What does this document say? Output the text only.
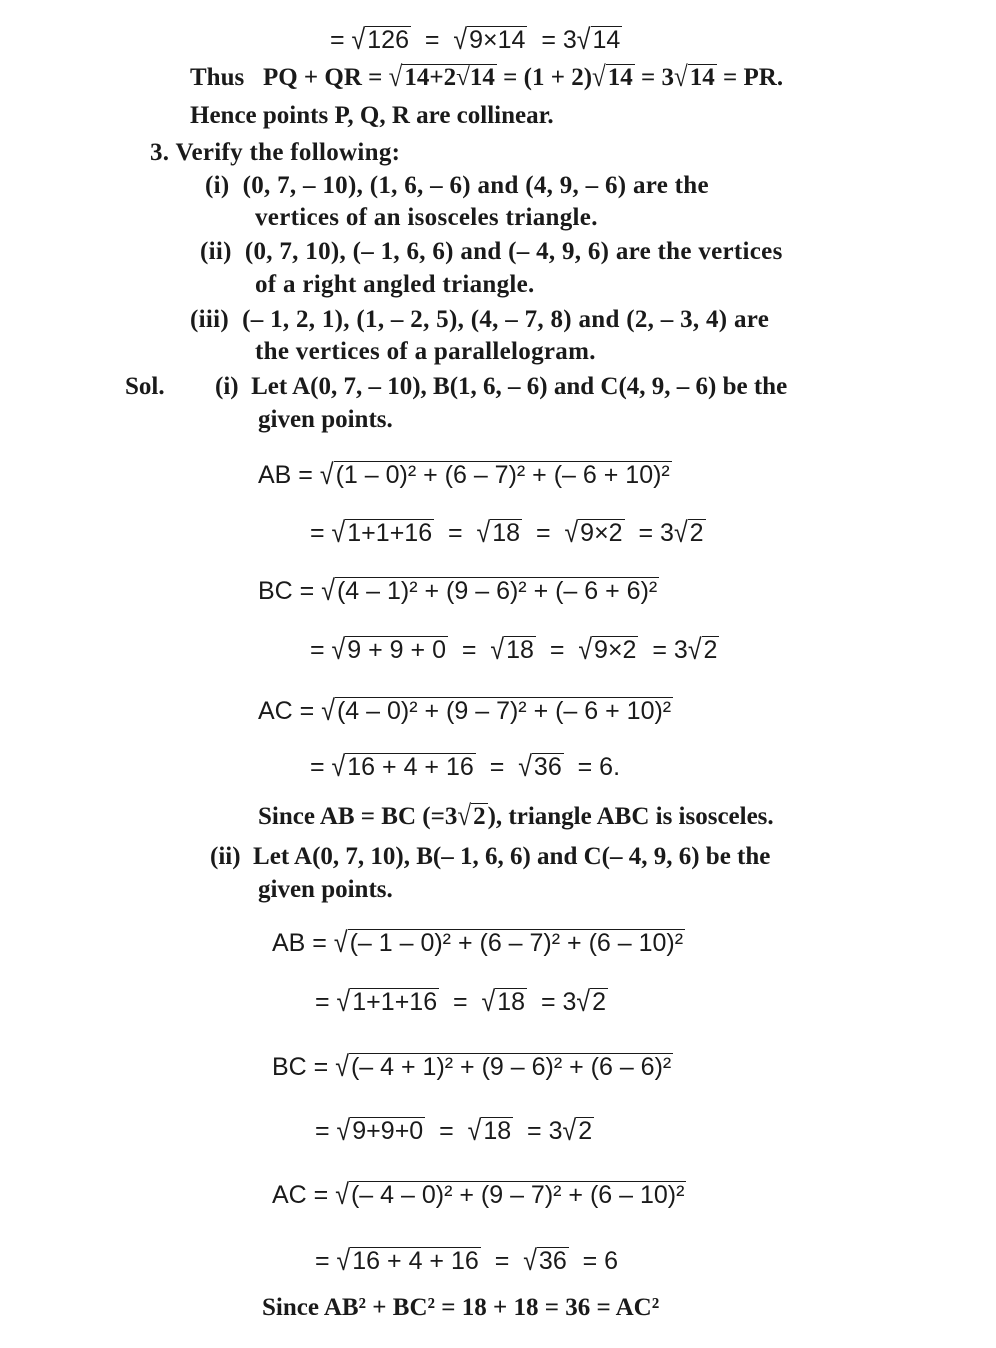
= √126  =  √9×14  = 3√14
Thus   PQ + QR = √14+2√14 = (1 + 2)√14 = 3√14 = PR.
Hence points P, Q, R are collinear.
3. Verify the following:
(i)  (0, 7, – 10), (1, 6, – 6) and (4, 9, – 6) are the
vertices of an isosceles triangle.
(ii)  (0, 7, 10), (– 1, 6, 6) and (– 4, 9, 6) are the vertices
of a right angled triangle.
(iii)  (– 1, 2, 1), (1, – 2, 5), (4, – 7, 8) and (2, – 3, 4) are
the vertices of a parallelogram.
Sol. (i)  Let A(0, 7, – 10), B(1, 6, – 6) and C(4, 9, – 6) be the
given points.
AB = √(1 – 0)² + (6 – 7)² + (– 6 + 10)²
= √1+1+16  =  √18  =  √9×2  = 3√2
BC = √(4 – 1)² + (9 – 6)² + (– 6 + 6)²
= √9 + 9 + 0  =  √18  =  √9×2  = 3√2
AC = √(4 – 0)² + (9 – 7)² + (– 6 + 10)²
= √16 + 4 + 16  =  √36  = 6.
Since AB = BC (=3√2), triangle ABC is isosceles.
(ii)  Let A(0, 7, 10), B(– 1, 6, 6) and C(– 4, 9, 6) be the
given points.
AB = √(– 1 – 0)² + (6 – 7)² + (6 – 10)²
= √1+1+16  =  √18  = 3√2
BC = √(– 4 + 1)² + (9 – 6)² + (6 – 6)²
= √9+9+0  =  √18  = 3√2
AC = √(– 4 – 0)² + (9 – 7)² + (6 – 10)²
= √16 + 4 + 16  =  √36  = 6
Since AB² + BC² = 18 + 18 = 36 = AC²
